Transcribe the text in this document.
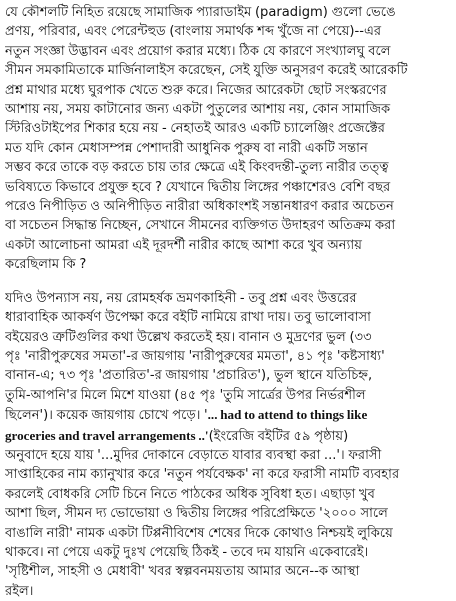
যে কৌশলটি নিহিত রয়েছে সামাজিক প্যারাডাইম (paradigm) গুলো ভেঙে
প্রণয়, পরিবার, এবং পেরেন্টহুড (বাংলায় সমার্থক শব্দ খুঁজে না পেয়ে)--এর
নতুন সংজ্ঞা উদ্ভাবন এবং প্রয়োগ করার মধ্যে। ঠিক যে কারণে সংখ্যালঘু বলে
সীমন সমকামিতাকে মার্জিনালাইস করেছেন, সেই যুক্তি অনুসরণ করেই আরেকটি
প্রশ্ন মাথার মধ্যে ঘুরপাক খেতে শুরু করে। নিজের আরেকটা ছোট সংস্করণের
আশায় নয়, সময় কাটানোর জন্য একটা পুতুলের আশায় নয়, কোন সামাজিক
স্টিরিওটাইপের শিকার হয়ে নয় - নেহাতই আরও একটি চ্যালেঞ্জিং প্রজেক্টের
মত যদি কোন মেধাসম্পন্ন পেশাদারী আধুনিক পুরুষ বা নারী একটি সন্তান
সম্ভব করে তাকে বড় করতে চায় তার ক্ষেত্রে এই কিংবদন্তী-তুল্য নারীর তত্ত্ব
ভবিষ্যতে কিভাবে প্রযুক্ত হবে ? যেখানে দ্বিতীয় লিঙ্গের পঞ্চাশেরও বেশি বছর
পরেও নিপীড়িত ও অনিপীড়িত নারীরা অধিকাংশই সন্তানধারণ করার অচেতন
বা সচেতন সিদ্ধান্ত নিচ্ছেন, সেখানে সীমনের ব্যক্তিগত উদাহরণ অতিক্রম করা
একটা আলোচনা আমরা এই দূরদর্শী নারীর কাছে আশা করে খুব অন্যায়
করেছিলাম কি ?
যদিও উপন্যাস নয়, নয় রোমহর্ষক ভ্রমণকাহিনী - তবু প্রশ্ন এবং উত্তরের
ধারাবাহিক আকর্ষণ উপেক্ষা করে বইটি নামিয়ে রাখা দায়। তবু ভালোবাসা
বইয়েরও ত্রুটিগুলির কথা উল্লেখ করতেই হয়। বানান ও মুদ্রণের ভুল (৩৩
পৃঃ 'নারীপুরুষের সমতা'-র জায়গায় 'নারীপুরুষের মমতা', ৪১ পৃঃ 'কষ্টসাধ্য'
বানান-এ; ৭৩ পৃঃ 'প্রতারিত'-র জায়গায় 'প্রচারিত'), ভুল স্থানে যতিচিহ্ন,
তুমি-আপনি'র মিলে মিশে যাওয়া (৪৫ পৃঃ 'তুমি সার্ত্রের উপর নির্ভরশীল
ছিলেন')। কয়েক জায়গায় চোখে পড়ে। '... had to attend to things like
groceries and travel arrangements ..'(ইংরেজি বইটির ৫৯ পৃষ্ঠায়)
অনুবাদে হয়ে যায় '...মুদির দোকানে বেড়াতে যাবার ব্যবস্থা করা ...'। ফরাসী
সাপ্তাহিকের নাম ক্যানুখার করে 'নতুন পর্যবেক্ষক' না করে ফরাসী নামটি ব্যবহার
করলেই বোধকরি সেটি চিনে নিতে পাঠকের অধিক সুবিধা হত। এছাড়া খুব
আশা ছিল, সীমন দ্য ভোভোয়া ও দ্বিতীয় লিঙ্গের পরিপ্রেক্ষিতে '২০০০ সালে
বাঙালি নারী' নামক একটা টিপ্পনীবিশেষ শেষের দিকে কোথাও নিশ্চয়ই লুকিয়ে
থাকবে। না পেয়ে একটু দুঃখ পেয়েছি ঠিকই - তবে দম যায়নি একেবারেই।
'সৃষ্টিশীল, সাহসী ও মেধাবী' খবর স্বল্পবনময়তায় আমার অনে--ক আস্থা
রইল।
